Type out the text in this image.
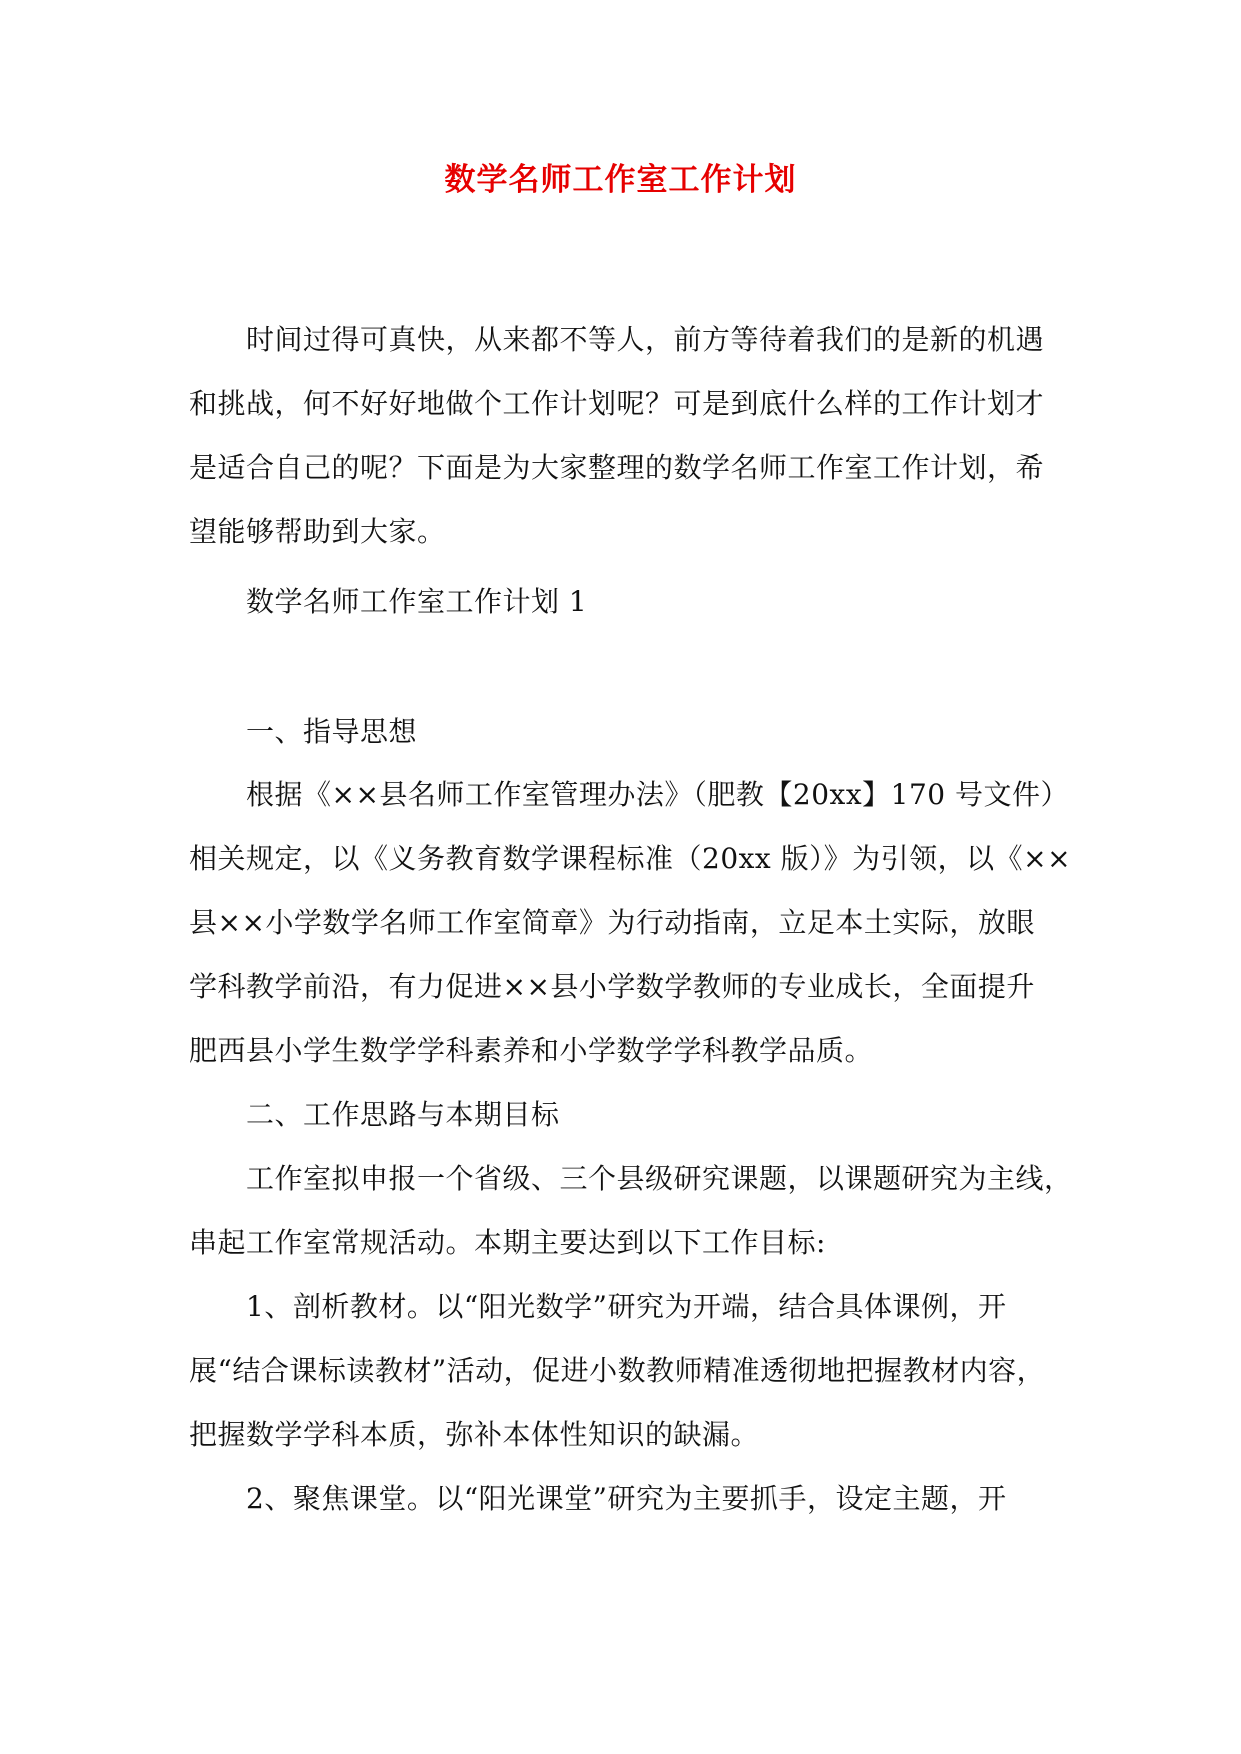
数学名师工作室工作计划
时间过得可真快，从来都不等人，前方等待着我们的是新的机遇
和挑战，何不好好地做个工作计划呢？可是到底什么样的工作计划才
是适合自己的呢？下面是为大家整理的数学名师工作室工作计划，希
望能够帮助到大家。
数学名师工作室工作计划 1
一、指导思想
根据《××县名师工作室管理办法》（肥教【20xx】170 号文件）
相关规定，以《义务教育数学课程标准（20xx 版）》为引领，以《××
县××小学数学名师工作室简章》为行动指南，立足本土实际，放眼
学科教学前沿，有力促进××县小学数学教师的专业成长，全面提升
肥西县小学生数学学科素养和小学数学学科教学品质。
二、工作思路与本期目标
工作室拟申报一个省级、三个县级研究课题，以课题研究为主线，
串起工作室常规活动。本期主要达到以下工作目标:
1、剖析教材。以“阳光数学”研究为开端，结合具体课例，开
展“结合课标读教材”活动，促进小数教师精准透彻地把握教材内容，
把握数学学科本质，弥补本体性知识的缺漏。
2、聚焦课堂。以“阳光课堂”研究为主要抓手，设定主题，开
